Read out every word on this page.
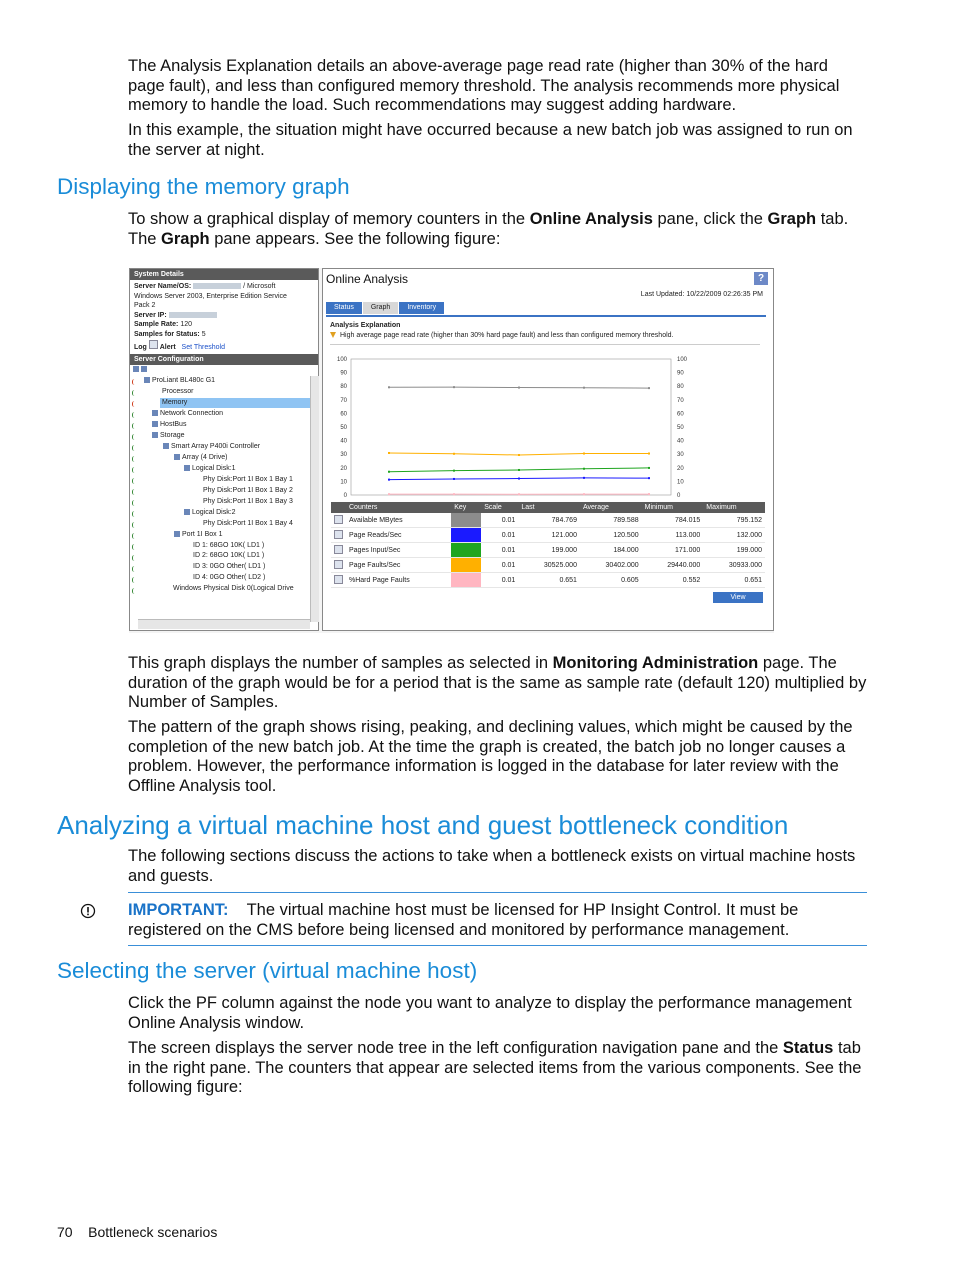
The Analysis Explanation details an above-average page read rate (higher than 30% of the hard page fault), and less than configured memory threshold. The analysis recommends more physical memory to handle the load. Such recommendations may suggest adding hardware.

In this example, the situation might have occurred because a new batch job was assigned to run on the server at night.

Displaying the memory graph

To show a graphical display of memory counters in the Online Analysis pane, click the Graph tab. The Graph pane appears. See the following figure:

System Details
Server Name/OS:	/ Microsoft
Windows Server 2003, Enterprise Edition Service
Pack 2
Server IP:
Sample Rate: 120
Samples for Status: 5
Log Alert Set Threshold
Server Configuration
ProLiant BL480c G1
Processor
Memory
Network Connection
HostBus
Storage
Smart Array P400i Controller
Array (4 Drive)
Logical Disk:1
Phy Disk:Port 1I Box 1 Bay 1
Phy Disk:Port 1I Box 1 Bay 2
Phy Disk:Port 1I Box 1 Bay 3
Logical Disk:2
Phy Disk:Port 1I Box 1 Bay 4
Port 1I Box 1
ID 1: 68GO 10K( LD1 )
ID 2: 68GO 10K( LD1 )
ID 3: 0GO Other( LD1 )
ID 4: 0GO Other( LD2 )
Windows Physical Disk 0(Logical Drive
Online Analysis	?
Last Updated: 10/22/2009 02:26:35 PM
Status Graph Inventory
Analysis Explanation
High average page read rate (higher than 30% hard page fault) and less than configured memory threshold.
100	100
90	90
80	80
70	70
60	60
50	50
40	40
30	30
20	20
10	10
0	0
	Counters	Key	Scale	Last	Average	Minimum	Maximum
	Available MBytes		0.01	784.769	789.588	784.015	795.152
	Page Reads/Sec		0.01	121.000	120.500	113.000	132.000
	Pages Input/Sec		0.01	199.000	184.000	171.000	199.000
	Page Faults/Sec		0.01	30525.000	30402.000	29440.000	30933.000
	%Hard Page Faults		0.01	0.651	0.605	0.552	0.651
View

This graph displays the number of samples as selected in Monitoring Administration page. The duration of the graph would be for a period that is the same as sample rate (default 120) multiplied by Number of Samples.

The pattern of the graph shows rising, peaking, and declining values, which might be caused by the completion of the new batch job. At the time the graph is created, the batch job no longer causes a problem. However, the performance information is logged in the database for later review with the Offline Analysis tool.

Analyzing a virtual machine host and guest bottleneck condition

The following sections discuss the actions to take when a bottleneck exists on virtual machine hosts and guests.

IMPORTANT: The virtual machine host must be licensed for HP Insight Control. It must be registered on the CMS before being licensed and monitored by performance management.

Selecting the server (virtual machine host)

Click the PF column against the node you want to analyze to display the performance management Online Analysis window.

The screen displays the server node tree in the left configuration navigation pane and the Status tab in the right pane. The counters that appear are selected items from the various components. See the following figure:

70 Bottleneck scenarios
